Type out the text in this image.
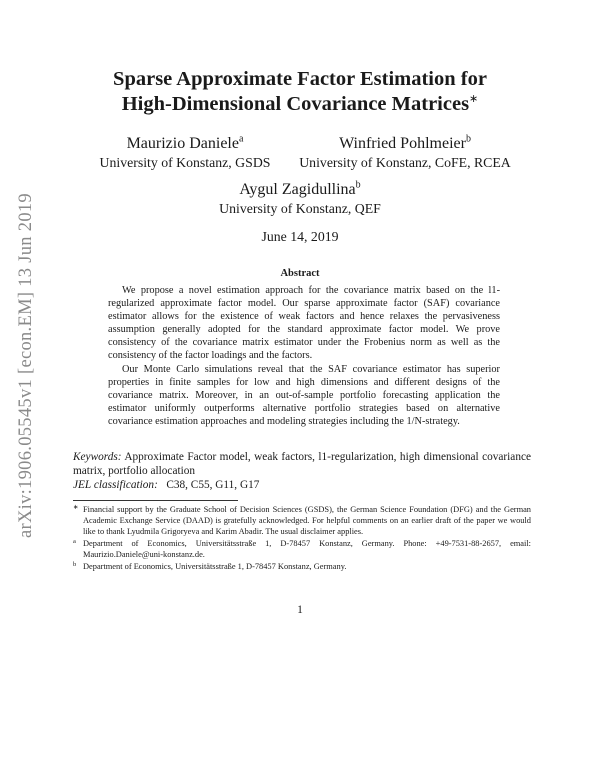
arXiv:1906.05545v1 [econ.EM] 13 Jun 2019
Sparse Approximate Factor Estimation for
High-Dimensional Covariance Matrices∗
Maurizio Daniele$^a$
University of Konstanz, GSDS
Winfried Pohlmeier$^b$
University of Konstanz, CoFE, RCEA
Aygul Zagidullina$^b$
University of Konstanz, QEF
June 14, 2019
Abstract

We propose a novel estimation approach for the covariance matrix based on the l1-regularized approximate factor model. Our sparse approximate factor (SAF) covariance estimator allows for the existence of weak factors and hence relaxes the pervasiveness assumption generally adopted for the standard approximate factor model. We prove consistency of the covariance matrix estimator under the Frobenius norm as well as the consistency of the factor loadings and the factors.

Our Monte Carlo simulations reveal that the SAF covariance estimator has superior properties in finite samples for low and high dimensions and different designs of the covariance matrix. Moreover, in an out-of-sample portfolio forecasting application the estimator uniformly outperforms alternative portfolio strategies based on alternative covariance estimation approaches and modeling strategies including the 1/N-strategy.

Keywords: Approximate Factor model, weak factors, l1-regularization, high dimensional covariance matrix, portfolio allocation
JEL classification: C38, C55, G11, G17
∗ Financial support by the Graduate School of Decision Sciences (GSDS), the German Science Foundation (DFG) and the German Academic Exchange Service (DAAD) is gratefully acknowledged. For helpful comments on an earlier draft of the paper we would like to thank Lyudmila Grigoryeva and Karim Abadir. The usual disclaimer applies.
a Department of Economics, Universitätsstraße 1, D-78457 Konstanz, Germany. Phone: +49-7531-88-2657, email: Maurizio.Daniele@uni-konstanz.de.
b Department of Economics, Universitätsstraße 1, D-78457 Konstanz, Germany.
1
